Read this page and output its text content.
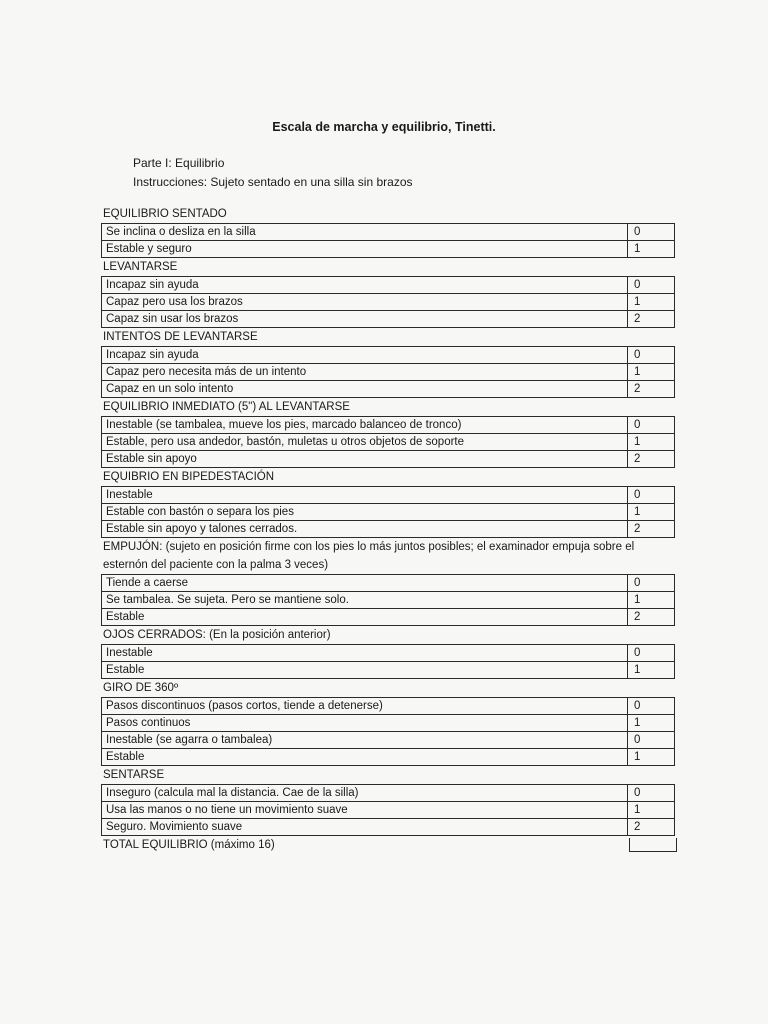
Escala de marcha y equilibrio, Tinetti.
Parte I: Equilibrio
Instrucciones: Sujeto sentado en una silla sin brazos
EQUILIBRIO SENTADO
Se inclina o desliza en la silla	0
Estable y seguro	1
LEVANTARSE
Incapaz sin ayuda	0
Capaz pero usa los brazos	1
Capaz sin usar los brazos	2
INTENTOS DE LEVANTARSE
Incapaz sin ayuda	0
Capaz pero necesita más de un intento	1
Capaz en un solo intento	2
EQUILIBRIO INMEDIATO (5") AL LEVANTARSE
Inestable (se tambalea, mueve los pies, marcado balanceo de tronco)	0
Estable, pero usa andedor, bastón, muletas u otros objetos de soporte	1
Estable sin apoyo	2
EQUIBRIO EN BIPEDESTACIÓN
Inestable	0
Estable con bastón o separa los pies	1
Estable sin apoyo y talones cerrados.	2
EMPUJÓN: (sujeto en posición firme con los pies lo más juntos posibles; el examinador empuja sobre el esternón del paciente con la palma 3 veces)
Tiende a caerse	0
Se tambalea. Se sujeta. Pero se mantiene solo.	1
Estable	2
OJOS CERRADOS: (En la posición anterior)
Inestable	0
Estable	1
GIRO DE 360º
Pasos discontinuos (pasos cortos, tiende a detenerse)	0
Pasos continuos	1
Inestable (se agarra o tambalea)	0
Estable	1
SENTARSE
Inseguro (calcula mal la distancia. Cae de la silla)	0
Usa las manos o no tiene un movimiento suave	1
Seguro. Movimiento suave	2
TOTAL EQUILIBRIO (máximo 16)
